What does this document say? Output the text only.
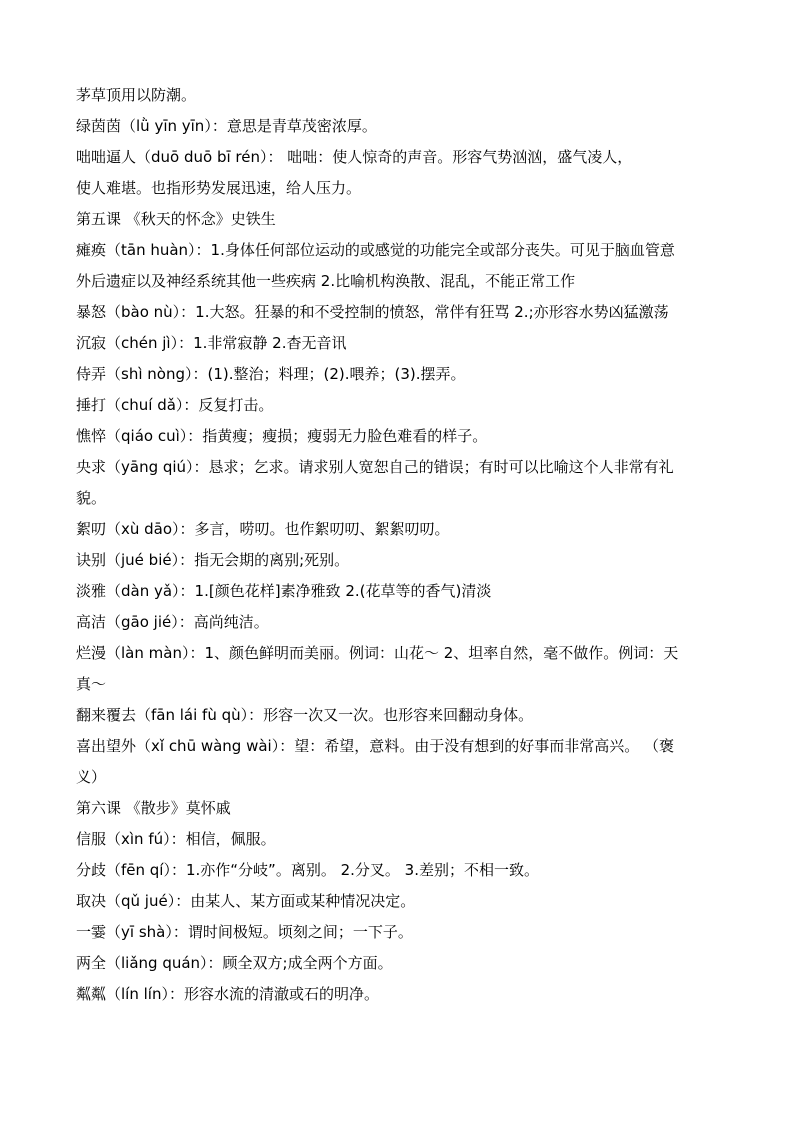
茅草顶用以防潮。
绿茵茵（lǜ yīn yīn）：意思是青草茂密浓厚。
咄咄逼人（duō duō bī rén）： 咄咄：使人惊奇的声音。形容气势汹汹，盛气凌人，
使人难堪。也指形势发展迅速，给人压力。
第五课 《秋天的怀念》史铁生
瘫痪（tān huàn）：1.身体任何部位运动的或感觉的功能完全或部分丧失。可见于脑血管意
外后遗症以及神经系统其他一些疾病 2.比喻机构涣散、混乱，不能正常工作
暴怒（bào nù）：1.大怒。狂暴的和不受控制的愤怒，常伴有狂骂 2.;亦形容水势凶猛激荡
沉寂（chén jì）：1.非常寂静 2.杳无音讯
侍弄（shì nòng）：(1).整治；料理；(2).喂养；(3).摆弄。
捶打（chuí dǎ）：反复打击。
憔悴（qiáo cuì）：指黄瘦；瘦损；瘦弱无力脸色难看的样子。
央求（yāng qiú）：恳求；乞求。请求别人宽恕自己的错误；有时可以比喻这个人非常有礼
貌。
絮叨（xù dāo）：多言，唠叨。也作絮叨叨、絮絮叨叨。
诀别（jué bié）：指无会期的离别;死别。
淡雅（dàn yǎ）：1.[颜色花样]素净雅致 2.(花草等的香气)清淡
高洁（gāo jié）：高尚纯洁。
烂漫（làn màn）：1、颜色鲜明而美丽。例词：山花～ 2、坦率自然，毫不做作。例词：天
真～
翻来覆去（fān lái fù qù）：形容一次又一次。也形容来回翻动身体。
喜出望外（xǐ chū wàng wài）：望：希望，意料。由于没有想到的好事而非常高兴。 （褒
义）
第六课 《散步》莫怀戚
信服（xìn fú）：相信，佩服。
分歧（fēn qí）：1.亦作“分岐”。离别。 2.分叉。 3.差别；不相一致。
取决（qǔ jué）：由某人、某方面或某种情况决定。
一霎（yī shà）：谓时间极短。顷刻之间；一下子。
两全（liǎng quán）：顾全双方;成全两个方面。
粼粼（lín lín）：形容水流的清澈或石的明净。
